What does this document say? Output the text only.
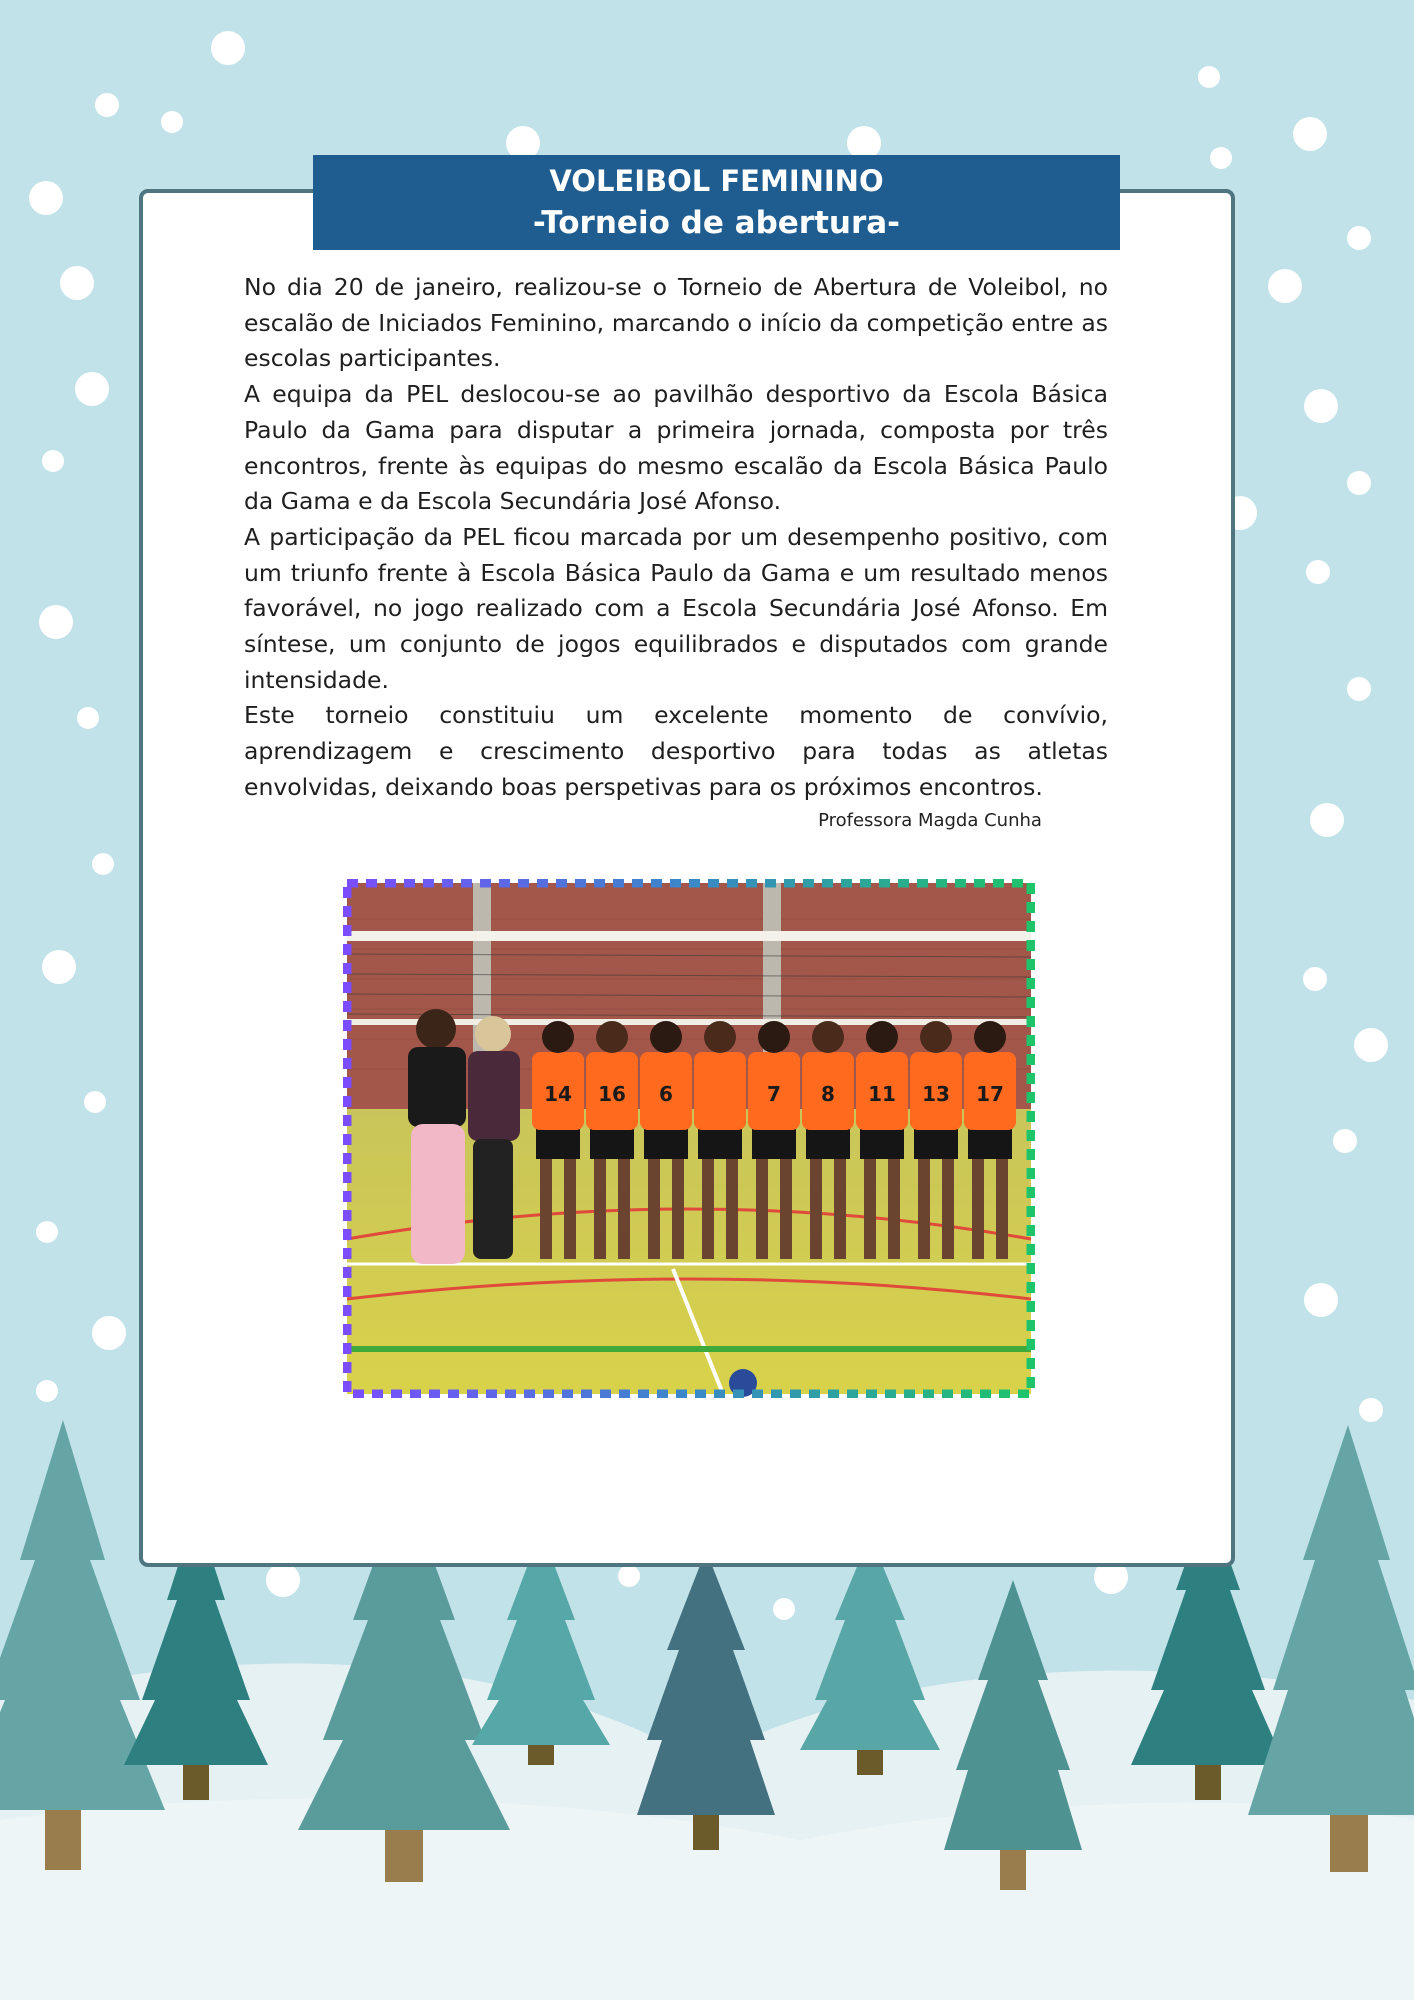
VOLEIBOL FEMININO
-Torneio de abertura-

No dia 20 de janeiro, realizou-se o Torneio de Abertura de Voleibol, no escalão de Iniciados Feminino, marcando o início da competição entre as escolas participantes.

A equipa da PEL deslocou-se ao pavilhão desportivo da Escola Básica Paulo da Gama para disputar a primeira jornada, composta por três encontros, frente às equipas do mesmo escalão da Escola Básica Paulo da Gama e da Escola Secundária José Afonso.

A participação da PEL ficou marcada por um desempenho positivo, com um triunfo frente à Escola Básica Paulo da Gama e um resultado menos favorável, no jogo realizado com a Escola Secundária José Afonso. Em síntese, um conjunto de jogos equilibrados e disputados com grande intensidade.

Este torneio constituiu um excelente momento de convívio, aprendizagem e crescimento desportivo para todas as atletas envolvidas, deixando boas perspetivas para os próximos encontros.

Professora Magda Cunha
14 16 6	7 8 11 13 17
